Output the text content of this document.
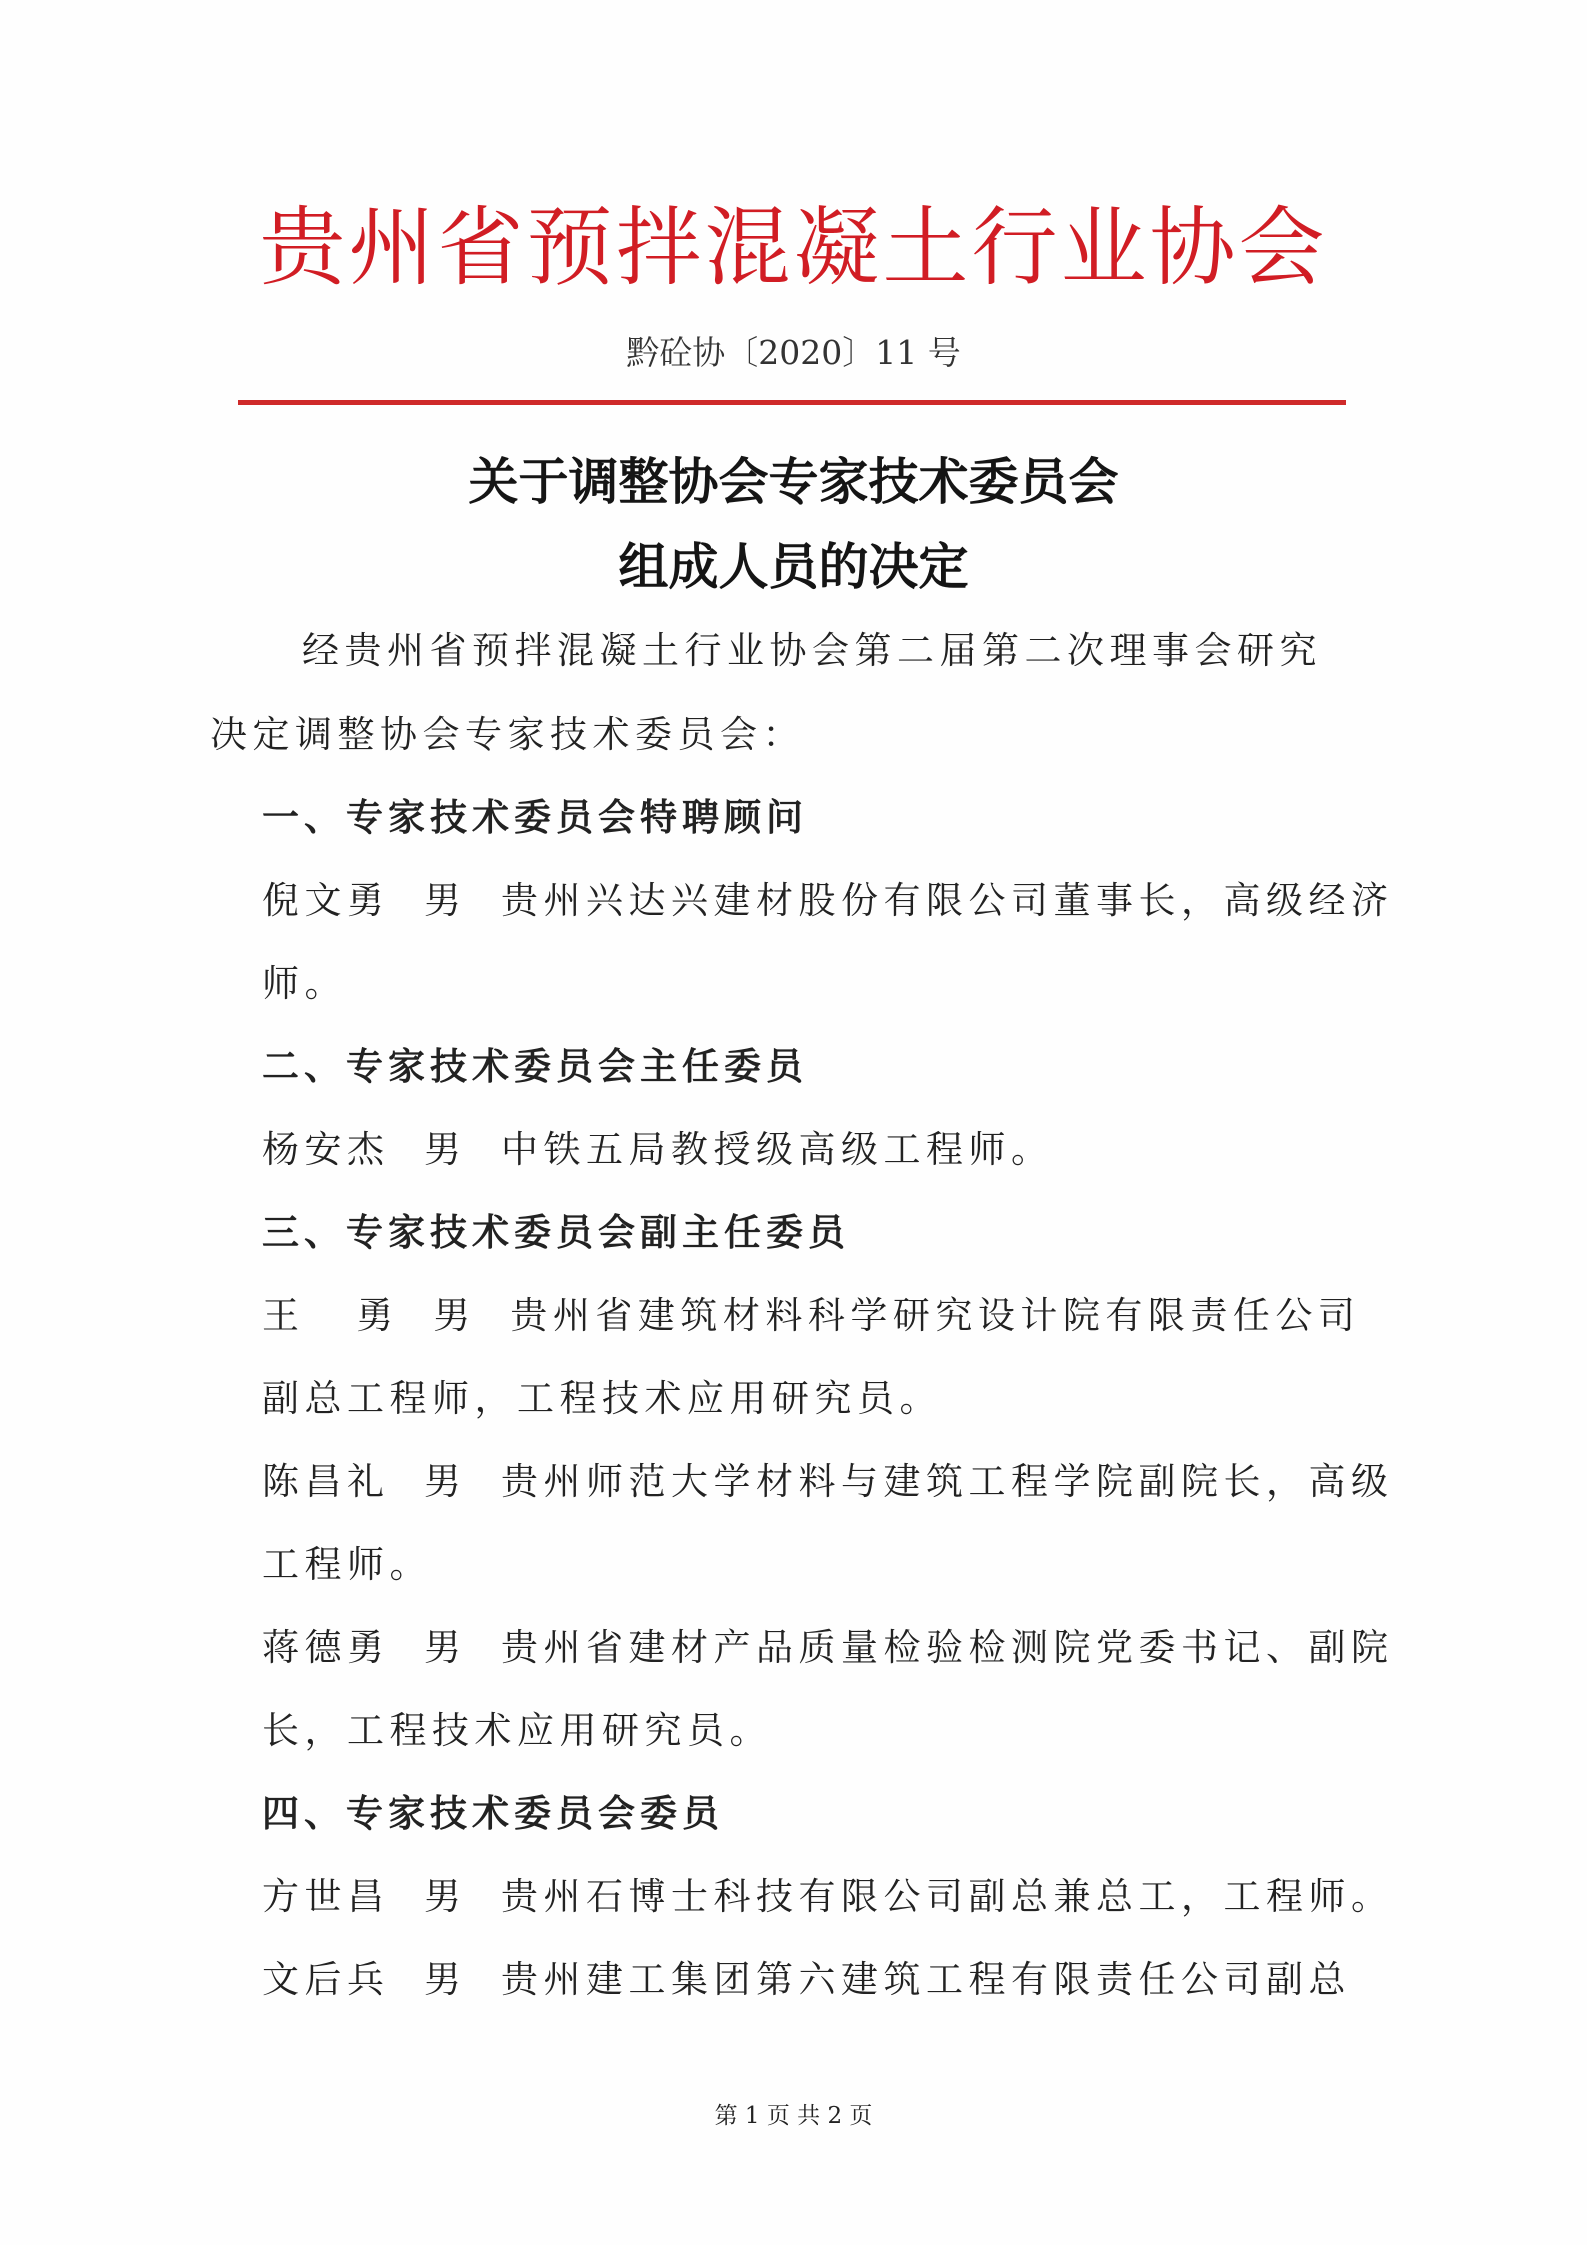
贵州省预拌混凝土行业协会
黔砼协〔2020〕11 号
关于调整协会专家技术委员会
组成人员的决定
经贵州省预拌混凝土行业协会第二届第二次理事会研究
决定调整协会专家技术委员会：
一、专家技术委员会特聘顾问
倪文勇  男  贵州兴达兴建材股份有限公司董事长，高级经济
师。
二、专家技术委员会主任委员
杨安杰  男  中铁五局教授级高级工程师。
三、专家技术委员会副主任委员
王   勇  男  贵州省建筑材料科学研究设计院有限责任公司
副总工程师，工程技术应用研究员。
陈昌礼  男  贵州师范大学材料与建筑工程学院副院长，高级
工程师。
蒋德勇  男  贵州省建材产品质量检验检测院党委书记、副院
长，工程技术应用研究员。
四、专家技术委员会委员
方世昌  男  贵州石博士科技有限公司副总兼总工，工程师。
文后兵  男  贵州建工集团第六建筑工程有限责任公司副总
第 1 页 共 2 页
